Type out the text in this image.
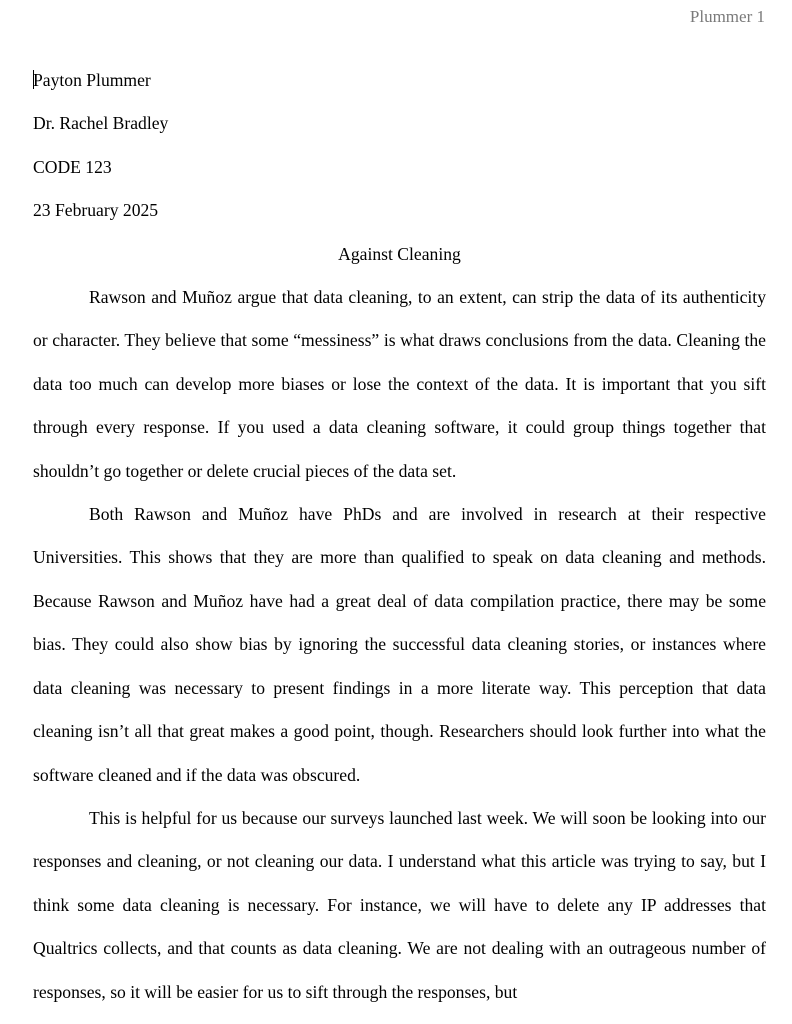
Plummer 1

Payton Plummer

Dr. Rachel Bradley

CODE 123

23 February 2025

Against Cleaning

Rawson and Muñoz argue that data cleaning, to an extent, can strip the data of its authenticity or character. They believe that some “messiness” is what draws conclusions from the data. Cleaning the data too much can develop more biases or lose the context of the data. It is important that you sift through every response. If you used a data cleaning software, it could group things together that shouldn’t go together or delete crucial pieces of the data set.

Both Rawson and Muñoz have PhDs and are involved in research at their respective Universities. This shows that they are more than qualified to speak on data cleaning and methods. Because Rawson and Muñoz have had a great deal of data compilation practice, there may be some bias. They could also show bias by ignoring the successful data cleaning stories, or instances where data cleaning was necessary to present findings in a more literate way. This perception that data cleaning isn’t all that great makes a good point, though. Researchers should look further into what the software cleaned and if the data was obscured.

This is helpful for us because our surveys launched last week. We will soon be looking into our responses and cleaning, or not cleaning our data. I understand what this article was trying to say, but I think some data cleaning is necessary. For instance, we will have to delete any IP addresses that Qualtrics collects, and that counts as data cleaning. We are not dealing with an outrageous number of responses, so it will be easier for us to sift through the responses, but
